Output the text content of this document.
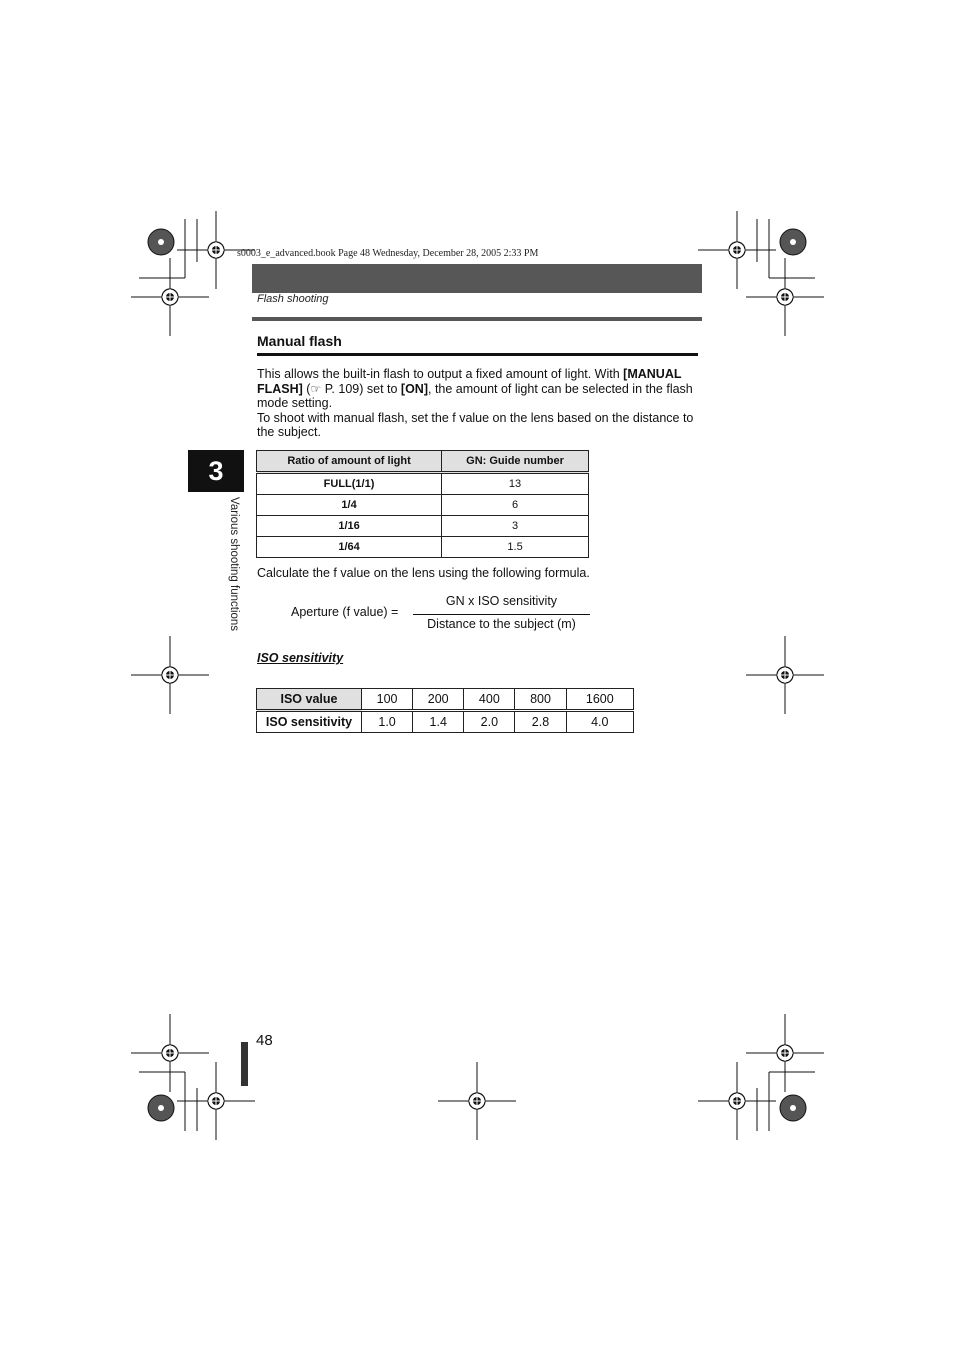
s0003_e_advanced.book Page 48 Wednesday, December 28, 2005 2:33 PM
Flash shooting
3
Various shooting functions
Manual flash

This allows the built-in flash to output a fixed amount of light. With [MANUAL FLASH] (☞ P. 109) set to [ON], the amount of light can be selected in the flash mode setting.

To shoot with manual flash, set the f value on the lens based on the distance to the subject.

Ratio of amount of light	GN: Guide number
FULL(1/1)	13
1/4	6
1/16	3
1/64	1.5
Calculate the f value on the lens using the following formula.
Aperture (f value) =
GN x ISO sensitivity
Distance to the subject (m)
ISO sensitivity
ISO value	100	200	400	800	1600
ISO sensitivity	1.0	1.4	2.0	2.8	4.0
48
